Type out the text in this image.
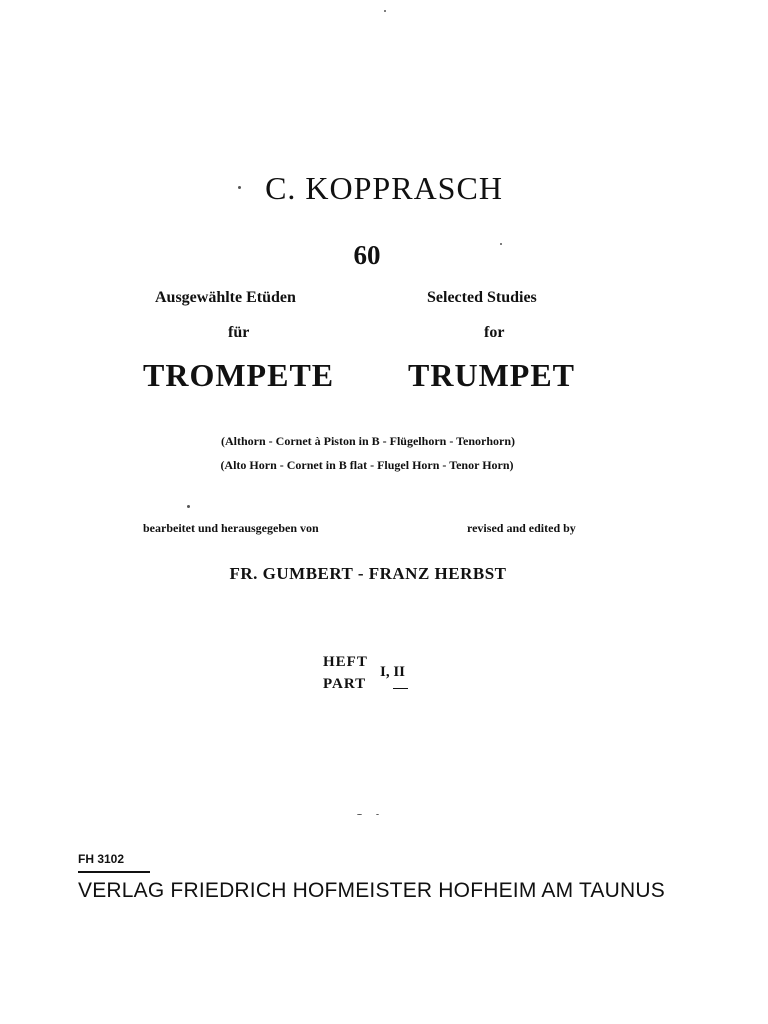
C. KOPPRASCH
60
Ausgewählte Etüden	Selected Studies
für	for
TROMPETE TRUMPET
(Althorn - Cornet à Piston in B - Flügelhorn - Tenorhorn)
(Alto Horn - Cornet in B flat - Flugel Horn - Tenor Horn)
bearbeitet und herausgegeben von	revised and edited by
FR. GUMBERT - FRANZ HERBST
HEFT
PART
I, II
FH 3102
VERLAG FRIEDRICH HOFMEISTER HOFHEIM AM TAUNUS
